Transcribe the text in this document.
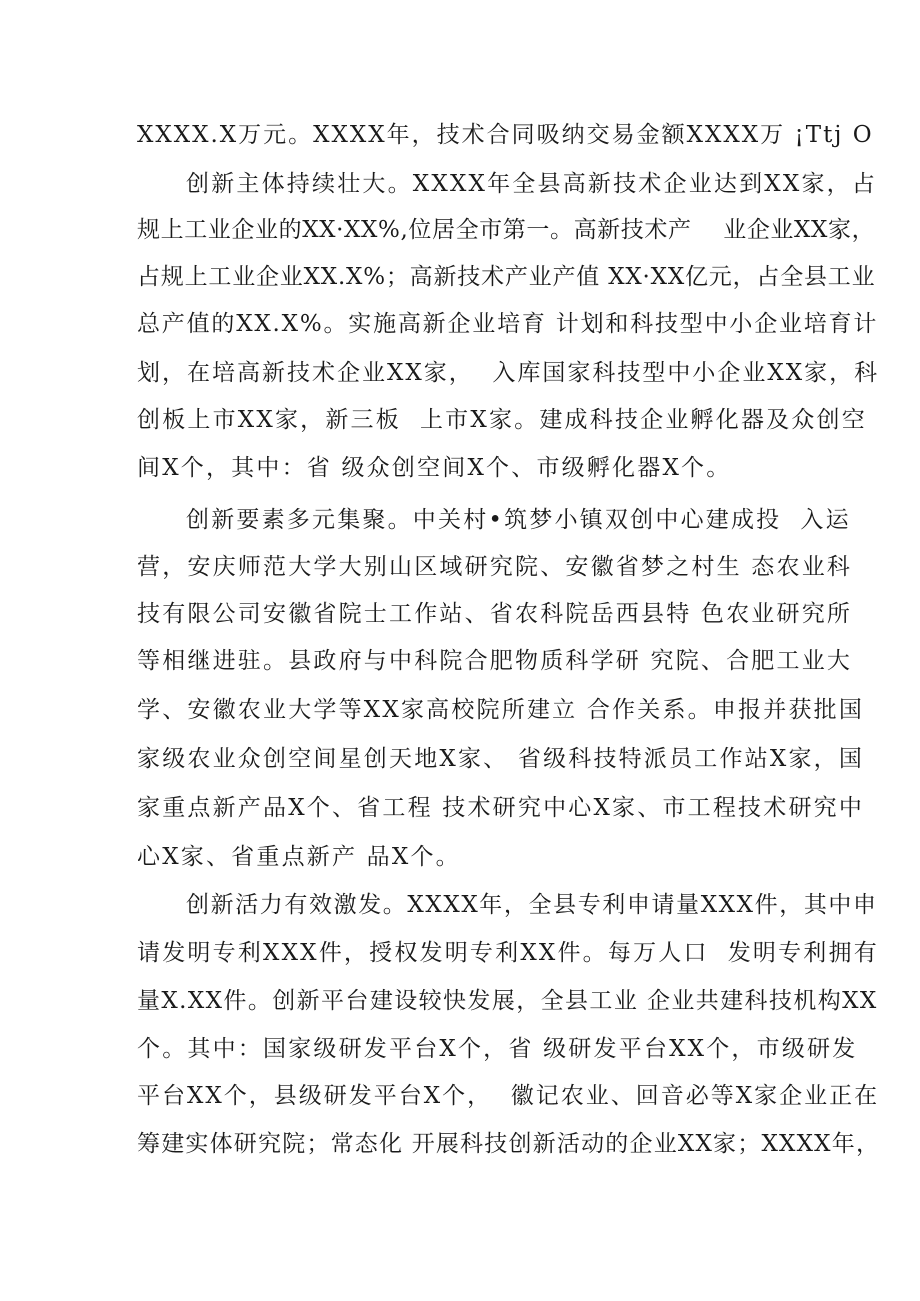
XXXX.X万元。XXXX年，技术合同吸纳交易金额XXXX万 ¡Ttj O
创新主体持续壮大。XXXX年全县高新技术企业达到XX家，占
规上工业企业的XX·XX%,位居全市第一。高新技术产    业企业XX家，
占规上工业企业XX.X%；高新技术产业产值 XX·XX亿元，占全县工业
总产值的XX.X%。实施高新企业培育 计划和科技型中小企业培育计
划，在培高新技术企业XX家，  入库国家科技型中小企业XX家，科
创板上市XX家，新三板  上市X家。建成科技企业孵化器及众创空
间X个，其中：省 级众创空间X个、市级孵化器X个。
创新要素多元集聚。中关村•筑梦小镇双创中心建成投  入运
营，安庆师范大学大别山区域研究院、安徽省梦之村生 态农业科
技有限公司安徽省院士工作站、省农科院岳西县特 色农业研究所
等相继进驻。县政府与中科院合肥物质科学研 究院、合肥工业大
学、安徽农业大学等XX家高校院所建立 合作关系。申报并获批国
家级农业众创空间星创天地X家、 省级科技特派员工作站X家，国
家重点新产品X个、省工程 技术研究中心X家、市工程技术研究中
心X家、省重点新产 品X个。
创新活力有效激发。XXXX年，全县专利申请量XXX件，其中申
请发明专利XXX件，授权发明专利XX件。每万人口  发明专利拥有
量X.XX件。创新平台建设较快发展，全县工业 企业共建科技机构XX
个。其中：国家级研发平台X个，省 级研发平台XX个，市级研发
平台XX个，县级研发平台X个，  徽记农业、回音必等X家企业正在
筹建实体研究院；常态化 开展科技创新活动的企业XX家；XXXX年，
